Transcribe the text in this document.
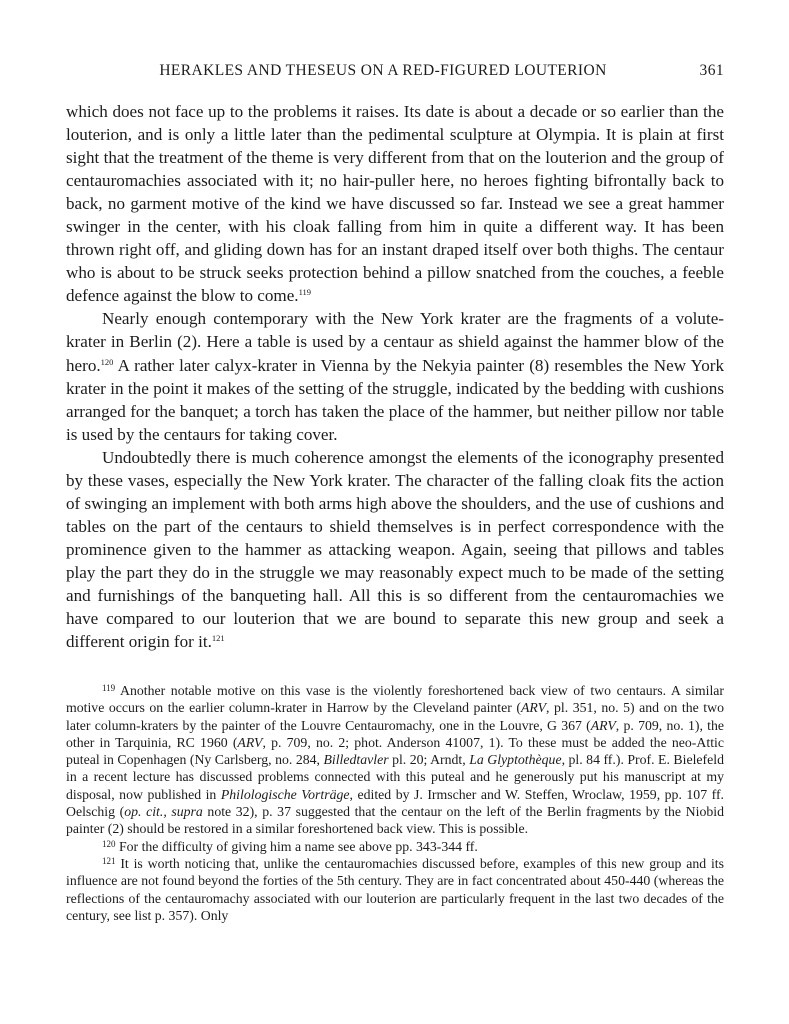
HERAKLES AND THESEUS ON A RED-FIGURED LOUTERION	361

which does not face up to the problems it raises. Its date is about a decade or so earlier than the louterion, and is only a little later than the pedimental sculpture at Olympia. It is plain at first sight that the treatment of the theme is very different from that on the louterion and the group of centauromachies associated with it; no hair-puller here, no heroes fighting bifrontally back to back, no garment motive of the kind we have discussed so far. Instead we see a great hammer swinger in the center, with his cloak falling from him in quite a different way. It has been thrown right off, and gliding down has for an instant draped itself over both thighs. The centaur who is about to be struck seeks protection behind a pillow snatched from the couches, a feeble defence against the blow to come.$^{119}$

Nearly enough contemporary with the New York krater are the fragments of a volute-krater in Berlin (2). Here a table is used by a centaur as shield against the hammer blow of the hero.$^{120}$ A rather later calyx-krater in Vienna by the Nekyia painter (8) resembles the New York krater in the point it makes of the setting of the struggle, indicated by the bedding with cushions arranged for the banquet; a torch has taken the place of the hammer, but neither pillow nor table is used by the centaurs for taking cover.

Undoubtedly there is much coherence amongst the elements of the iconography presented by these vases, especially the New York krater. The character of the falling cloak fits the action of swinging an implement with both arms high above the shoulders, and the use of cushions and tables on the part of the centaurs to shield themselves is in perfect correspondence with the prominence given to the hammer as attacking weapon. Again, seeing that pillows and tables play the part they do in the struggle we may reasonably expect much to be made of the setting and furnishings of the banqueting hall. All this is so different from the centauromachies we have compared to our louterion that we are bound to separate this new group and seek a different origin for it.$^{121}$

$^{119}$ Another notable motive on this vase is the violently foreshortened back view of two centaurs. A similar motive occurs on the earlier column-krater in Harrow by the Cleveland painter (ARV, pl. 351, no. 5) and on the two later column-kraters by the painter of the Louvre Centauromachy, one in the Louvre, G 367 (ARV, p. 709, no. 1), the other in Tarquinia, RC 1960 (ARV, p. 709, no. 2; phot. Anderson 41007, 1). To these must be added the neo-Attic puteal in Copenhagen (Ny Carlsberg, no. 284, Billedtavler pl. 20; Arndt, La Glyptothèque, pl. 84 ff.). Prof. E. Bielefeld in a recent lecture has discussed problems connected with this puteal and he generously put his manuscript at my disposal, now published in Philologische Vorträge, edited by J. Irmscher and W. Steffen, Wroclaw, 1959, pp. 107 ff. Oelschig (op. cit., supra note 32), p. 37 suggested that the centaur on the left of the Berlin fragments by the Niobid painter (2) should be restored in a similar foreshortened back view. This is possible.

$^{120}$ For the difficulty of giving him a name see above pp. 343-344 ff.

$^{121}$ It is worth noticing that, unlike the centauromachies discussed before, examples of this new group and its influence are not found beyond the forties of the 5th century. They are in fact concentrated about 450-440 (whereas the reflections of the centauromachy associated with our louterion are particularly frequent in the last two decades of the century, see list p. 357). Only
